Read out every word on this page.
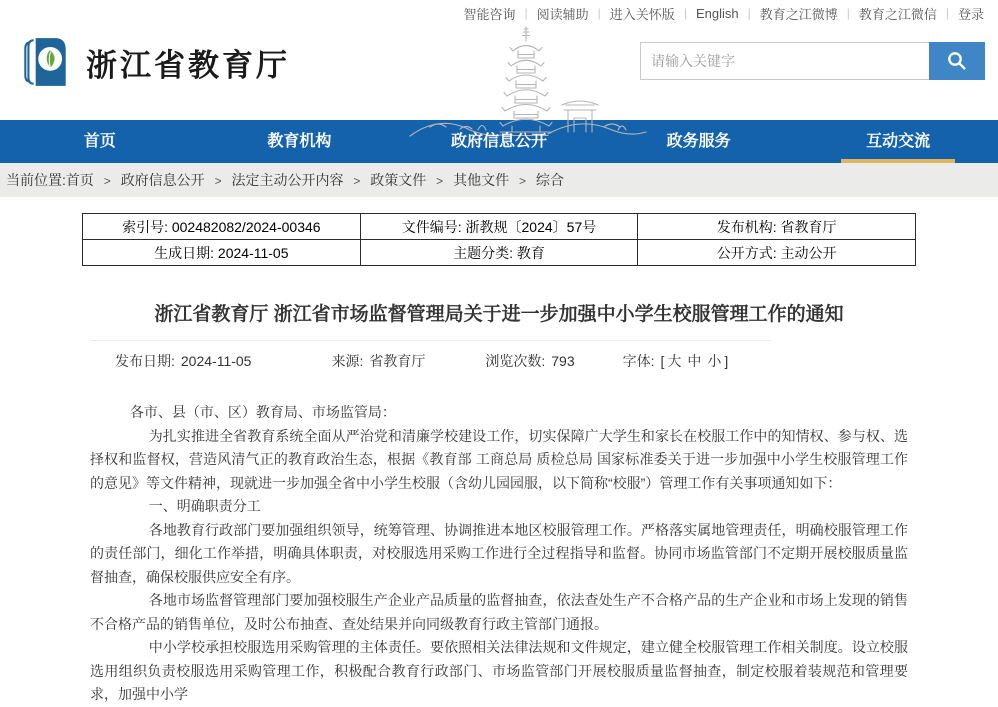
智能咨询 | 阅读辅助 | 进入关怀版 | English | 教育之江微博 | 教育之江微信 | 登录
浙江省教育厅
请输入关键字
首页	教育机构	政府信息公开	政务服务	互动交流
当前位置:首页 > 政府信息公开 > 法定主动公开内容 > 政策文件 > 其他文件 > 综合
索引号: 002482082/2024-00346	文件编号: 浙教规〔2024〕57号	发布机构: 省教育厅
生成日期: 2024-11-05	主题分类: 教育	公开方式: 主动公开
浙江省教育厅 浙江省市场监督管理局关于进一步加强中小学生校服管理工作的通知
发布日期: 2024-11-05	来源: 省教育厅	浏览次数: 793	字体: [ 大 中 小 ]

各市、县（市、区）教育局、市场监管局：

为扎实推进全省教育系统全面从严治党和清廉学校建设工作，切实保障广大学生和家长在校服工作中的知情权、参与权、选择权和监督权，营造风清气正的教育政治生态，根据《教育部 工商总局 质检总局 国家标准委关于进一步加强中小学生校服管理工作的意见》等文件精神，现就进一步加强全省中小学生校服（含幼儿园园服，以下简称“校服”）管理工作有关事项通知如下：

一、明确职责分工

各地教育行政部门要加强组织领导，统筹管理、协调推进本地区校服管理工作。严格落实属地管理责任，明确校服管理工作的责任部门，细化工作举措，明确具体职责，对校服选用采购工作进行全过程指导和监督。协同市场监管部门不定期开展校服质量监督抽查，确保校服供应安全有序。

各地市场监督管理部门要加强校服生产企业产品质量的监督抽查，依法查处生产不合格产品的生产企业和市场上发现的销售不合格产品的销售单位，及时公布抽查、查处结果并向同级教育行政主管部门通报。

中小学校承担校服选用采购管理的主体责任。要依照相关法律法规和文件规定，建立健全校服管理工作相关制度。设立校服选用组织负责校服选用采购管理工作，积极配合教育行政部门、市场监管部门开展校服质量监督抽查，制定校服着装规范和管理要求，加强中小学
